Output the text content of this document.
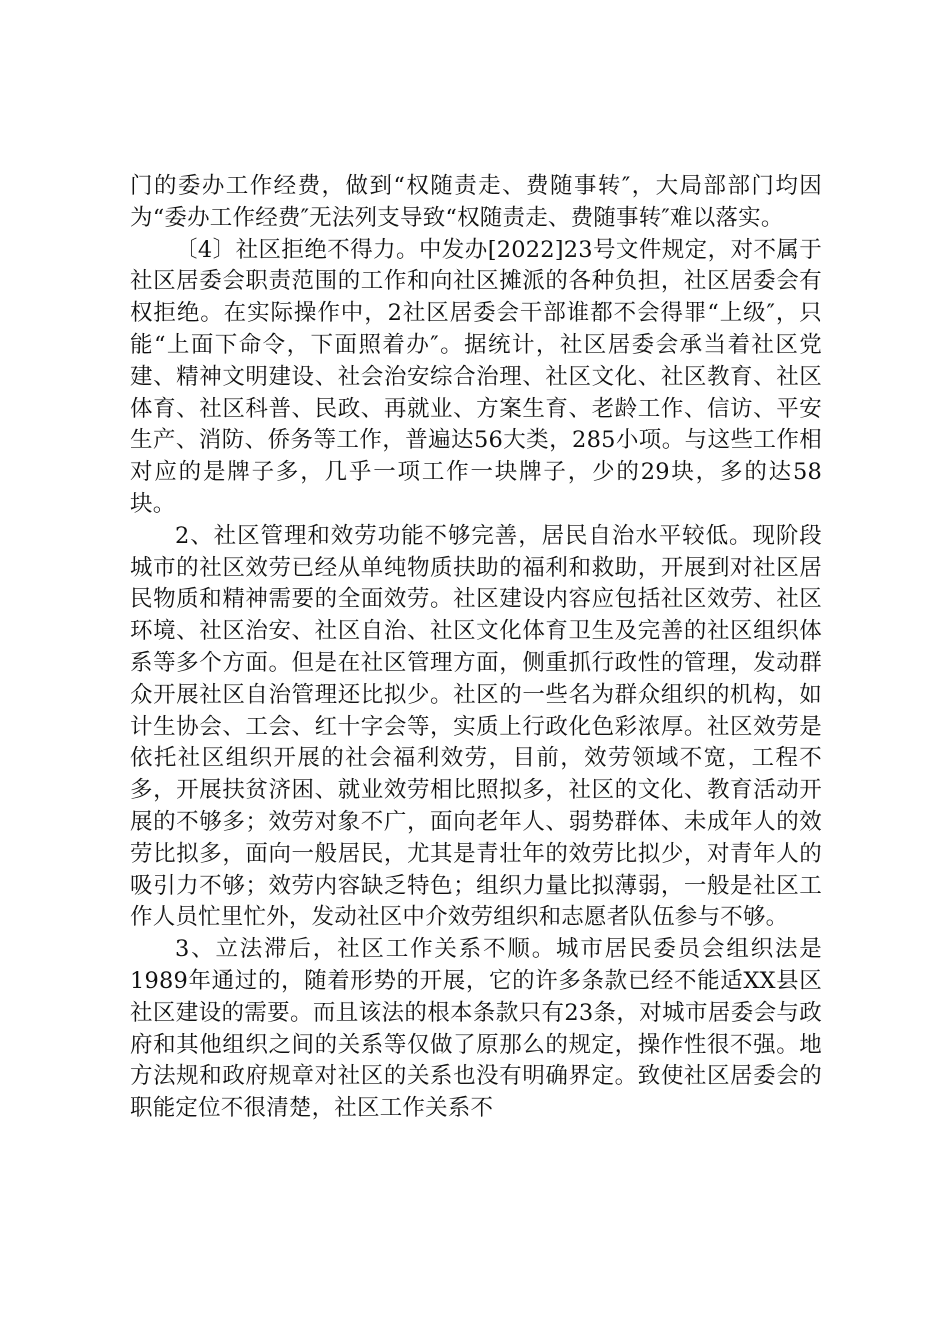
门的委办工作经费，做到“权随责走、费随事转″，大局部部门均因为“委办工作经费″无法列支导致“权随责走、费随事转″难以落实。

〔4〕社区拒绝不得力。中发办[2022]23号文件规定，对不属于社区居委会职责范围的工作和向社区摊派的各种负担，社区居委会有权拒绝。在实际操作中，2社区居委会干部谁都不会得罪“上级″，只能“上面下命令，下面照着办″。据统计，社区居委会承当着社区党建、精神文明建设、社会治安综合治理、社区文化、社区教育、社区体育、社区科普、民政、再就业、方案生育、老龄工作、信访、平安生产、消防、侨务等工作，普遍达56大类，285小项。与这些工作相对应的是牌子多，几乎一项工作一块牌子，少的29块，多的达58块。

2、社区管理和效劳功能不够完善，居民自治水平较低。现阶段城市的社区效劳已经从单纯物质扶助的福利和救助，开展到对社区居民物质和精神需要的全面效劳。社区建设内容应包括社区效劳、社区环境、社区治安、社区自治、社区文化体育卫生及完善的社区组织体系等多个方面。但是在社区管理方面，侧重抓行政性的管理，发动群众开展社区自治管理还比拟少。社区的一些名为群众组织的机构，如计生协会、工会、红十字会等，实质上行政化色彩浓厚。社区效劳是依托社区组织开展的社会福利效劳，目前，效劳领域不宽，工程不多，开展扶贫济困、就业效劳相比照拟多，社区的文化、教育活动开展的不够多；效劳对象不广，面向老年人、弱势群体、未成年人的效劳比拟多，面向一般居民，尤其是青壮年的效劳比拟少，对青年人的吸引力不够；效劳内容缺乏特色；组织力量比拟薄弱，一般是社区工作人员忙里忙外，发动社区中介效劳组织和志愿者队伍参与不够。

3、立法滞后，社区工作关系不顺。城市居民委员会组织法是1989年通过的，随着形势的开展，它的许多条款已经不能适XX县区社区建设的需要。而且该法的根本条款只有23条，对城市居委会与政府和其他组织之间的关系等仅做了原那么的规定，操作性很不强。地方法规和政府规章对社区的关系也没有明确界定。致使社区居委会的职能定位不很清楚，社区工作关系不
